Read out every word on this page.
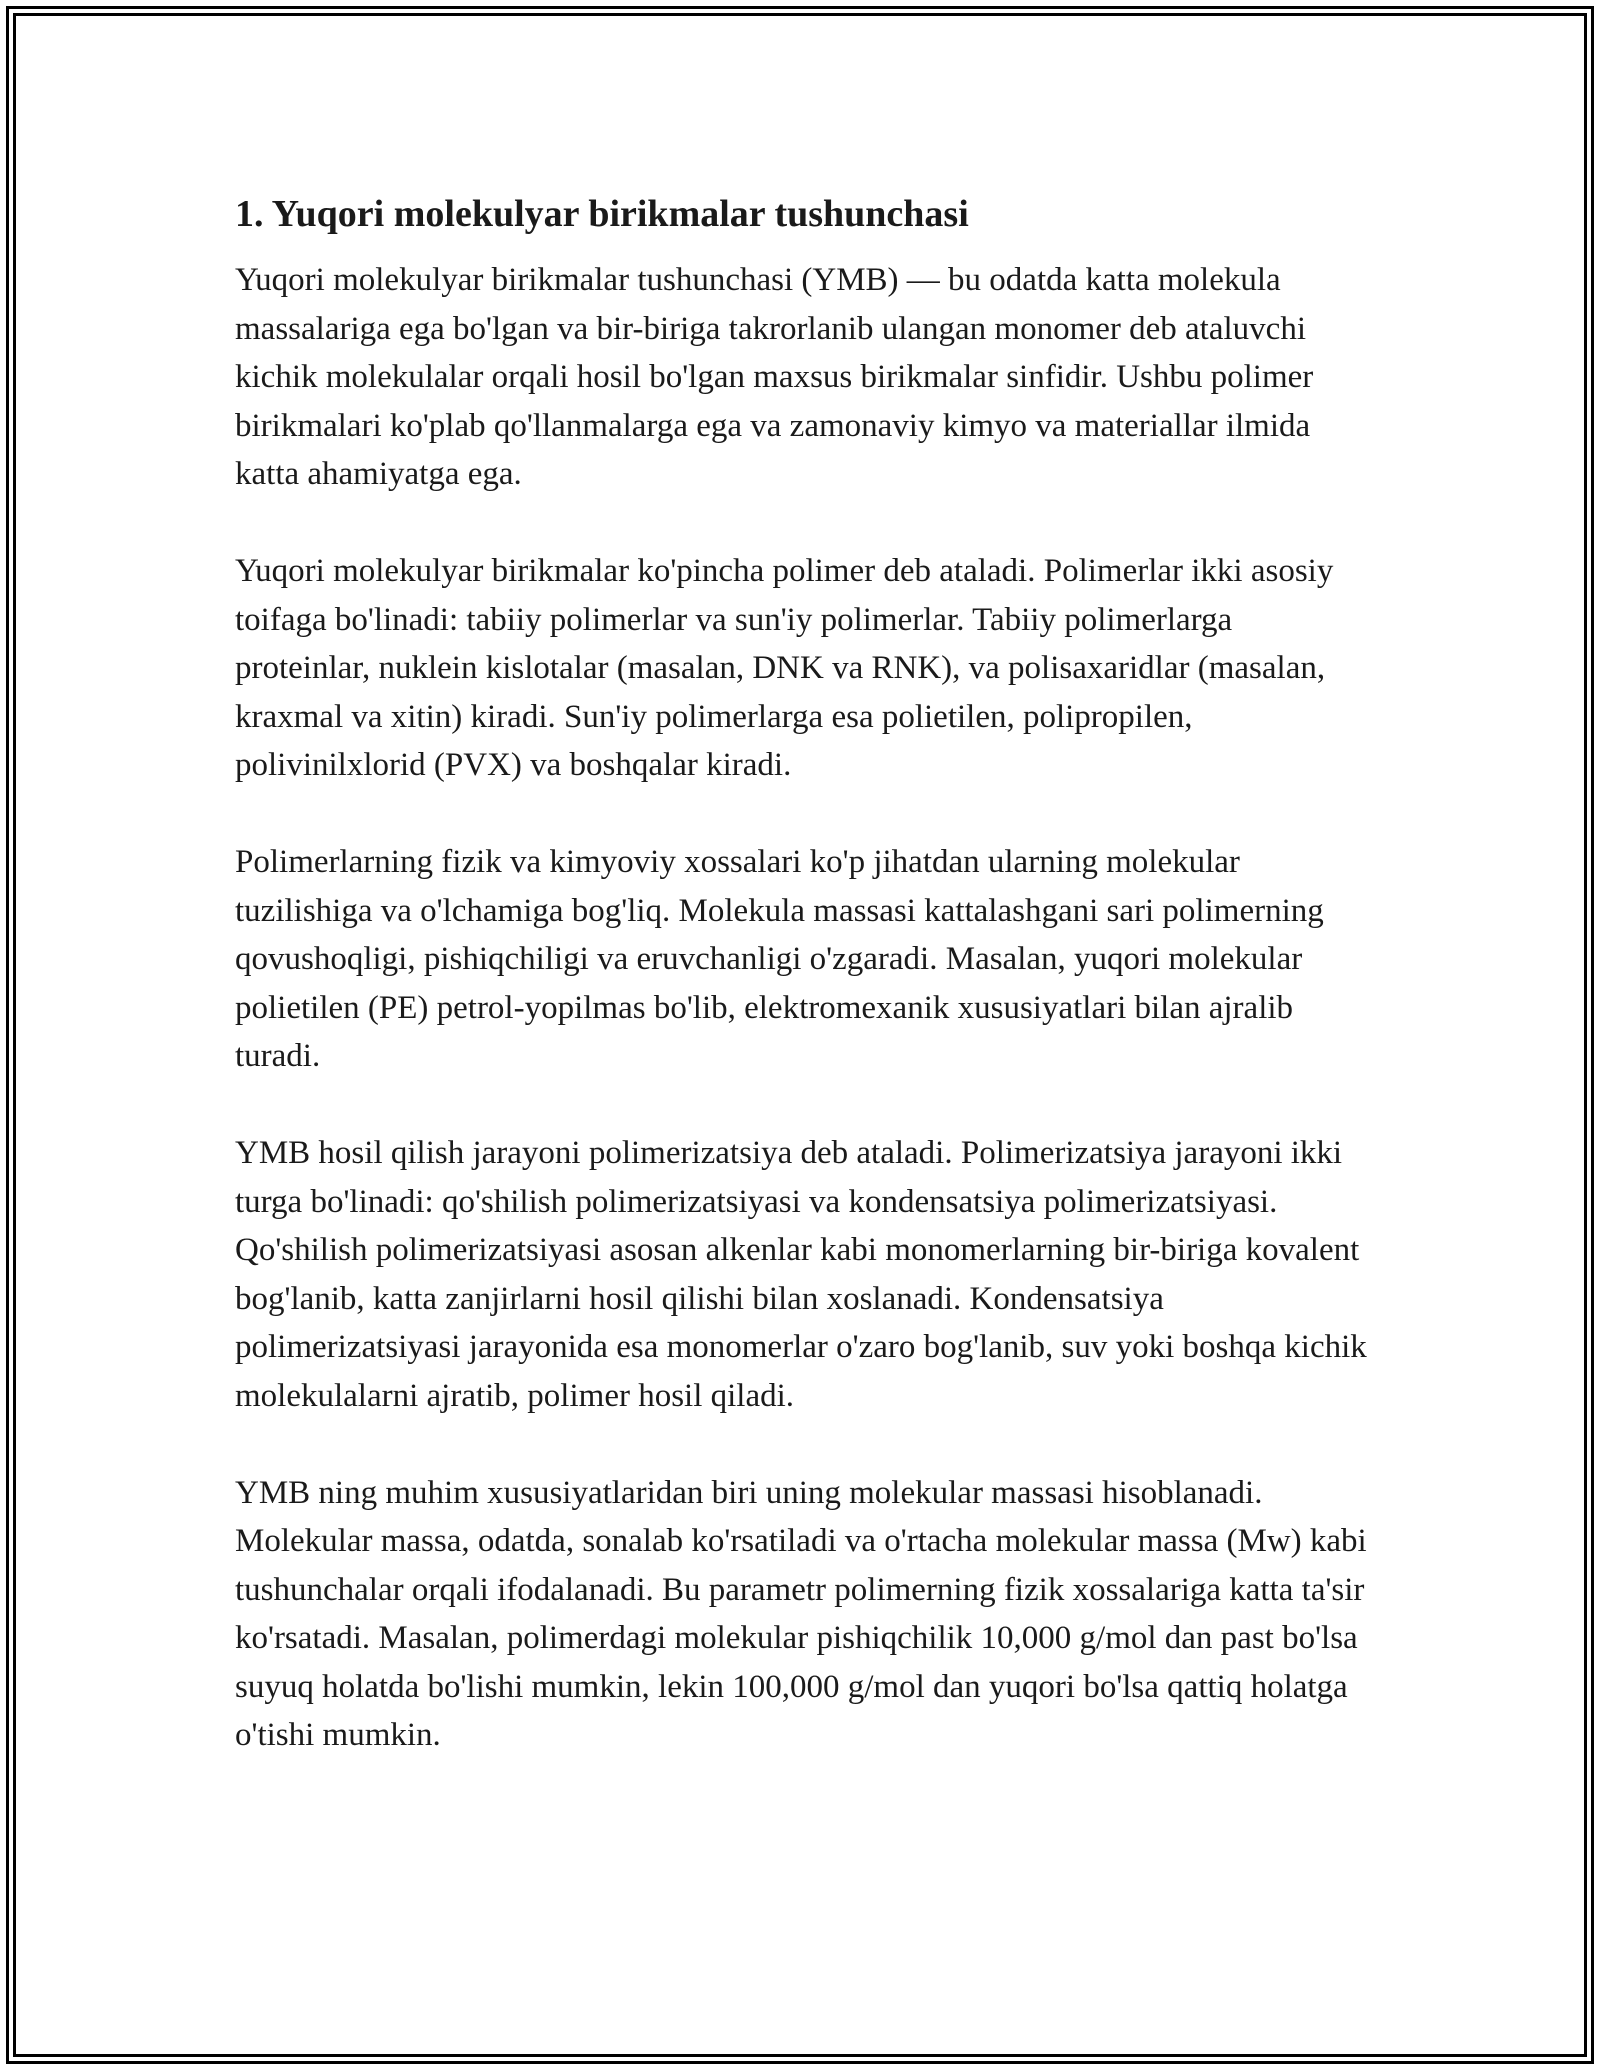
1. Yuqori molekulyar birikmalar tushunchasi

Yuqori molekulyar birikmalar tushunchasi (YMB) — bu odatda katta molekula massalariga ega bo'lgan va bir-biriga takrorlanib ulangan monomer deb ataluvchi kichik molekulalar orqali hosil bo'lgan maxsus birikmalar sinfidir. Ushbu polimer birikmalari ko'plab qo'llanmalarga ega va zamonaviy kimyo va materiallar ilmida katta ahamiyatga ega.

Yuqori molekulyar birikmalar ko'pincha polimer deb ataladi. Polimerlar ikki asosiy toifaga bo'linadi: tabiiy polimerlar va sun'iy polimerlar. Tabiiy polimerlarga proteinlar, nuklein kislotalar (masalan, DNK va RNK), va polisaxaridlar (masalan, kraxmal va xitin) kiradi. Sun'iy polimerlarga esa polietilen, polipropilen, polivinilxlorid (PVX) va boshqalar kiradi.

Polimerlarning fizik va kimyoviy xossalari ko'p jihatdan ularning molekular tuzilishiga va o'lchamiga bog'liq. Molekula massasi kattalashgani sari polimerning qovushoqligi, pishiqchiligi va eruvchanligi o'zgaradi. Masalan, yuqori molekular polietilen (PE) petrol-yopilmas bo'lib, elektromexanik xususiyatlari bilan ajralib turadi.

YMB hosil qilish jarayoni polimerizatsiya deb ataladi. Polimerizatsiya jarayoni ikki turga bo'linadi: qo'shilish polimerizatsiyasi va kondensatsiya polimerizatsiyasi. Qo'shilish polimerizatsiyasi asosan alkenlar kabi monomerlarning bir-biriga kovalent bog'lanib, katta zanjirlarni hosil qilishi bilan xoslanadi. Kondensatsiya polimerizatsiyasi jarayonida esa monomerlar o'zaro bog'lanib, suv yoki boshqa kichik molekulalarni ajratib, polimer hosil qiladi.

YMB ning muhim xususiyatlaridan biri uning molekular massasi hisoblanadi. Molekular massa, odatda, sonalab ko'rsatiladi va o'rtacha molekular massa (Mw) kabi tushunchalar orqali ifodalanadi. Bu parametr polimerning fizik xossalariga katta ta'sir ko'rsatadi. Masalan, polimerdagi molekular pishiqchilik 10,000 g/mol dan past bo'lsa suyuq holatda bo'lishi mumkin, lekin 100,000 g/mol dan yuqori bo'lsa qattiq holatga o'tishi mumkin.
